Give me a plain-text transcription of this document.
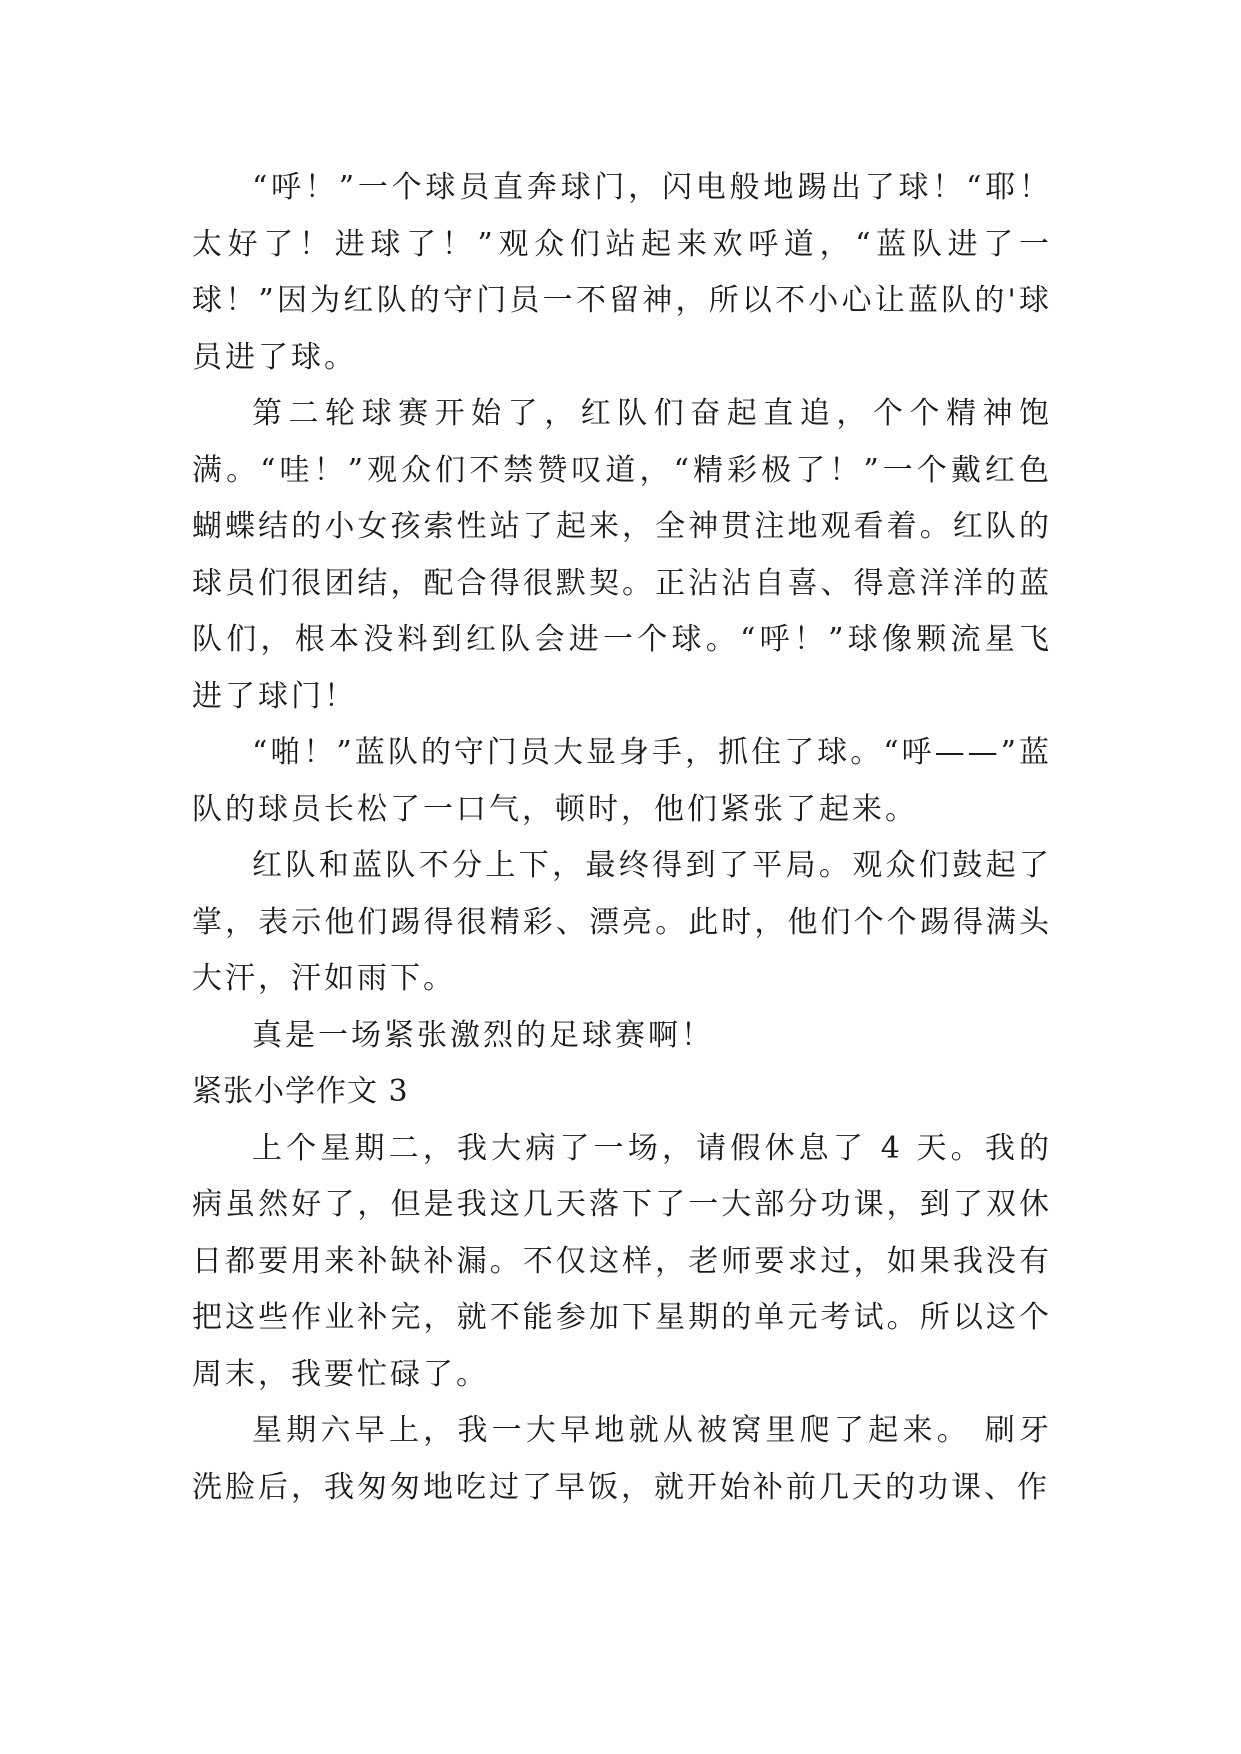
“呼！”一个球员直奔球门，闪电般地踢出了球！“耶！太好了！进球了！”观众们站起来欢呼道，“蓝队进了一球！”因为红队的守门员一不留神，所以不小心让蓝队的'球员进了球。

第二轮球赛开始了，红队们奋起直追，个个精神饱满。“哇！”观众们不禁赞叹道，“精彩极了！”一个戴红色蝴蝶结的小女孩索性站了起来，全神贯注地观看着。红队的球员们很团结，配合得很默契。正沾沾自喜、得意洋洋的蓝队们，根本没料到红队会进一个球。“呼！”球像颗流星飞进了球门！

“啪！”蓝队的守门员大显身手，抓住了球。“呼——”蓝队的球员长松了一口气，顿时，他们紧张了起来。

红队和蓝队不分上下，最终得到了平局。观众们鼓起了掌，表示他们踢得很精彩、漂亮。此时，他们个个踢得满头大汗，汗如雨下。

真是一场紧张激烈的足球赛啊！

紧张小学作文 3

上个星期二，我大病了一场，请假休息了 4 天。我的病虽然好了，但是我这几天落下了一大部分功课，到了双休日都要用来补缺补漏。不仅这样，老师要求过，如果我没有把这些作业补完，就不能参加下星期的单元考试。所以这个周末，我要忙碌了。

星期六早上，我一大早地就从被窝里爬了起来。 刷牙洗脸后，我匆匆地吃过了早饭，就开始补前几天的功课、作
